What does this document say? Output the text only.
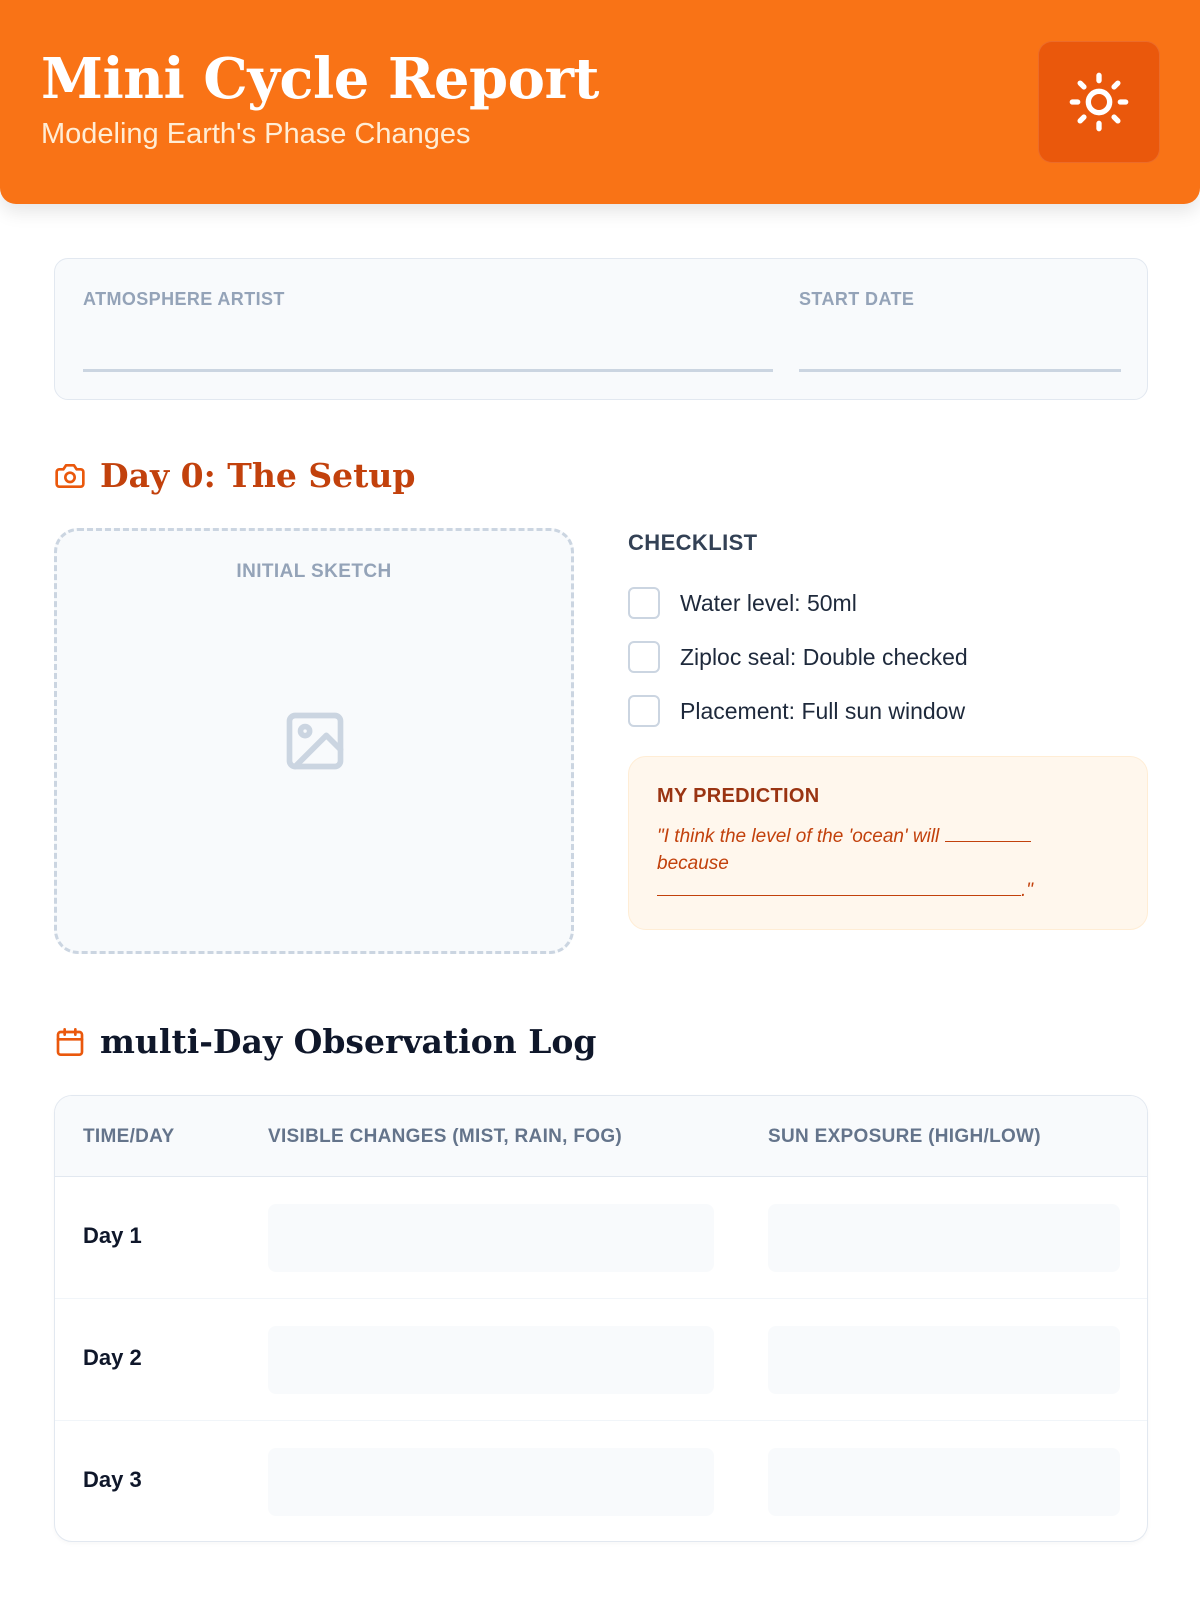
Mini Cycle Report
Modeling Earth's Phase Changes
ATMOSPHERE ARTIST	START DATE
Day 0: The Setup
INITIAL SKETCH
CHECKLIST
Water level: 50ml
Ziploc seal: Double checked
Placement: Full sun window
MY PREDICTION
"I think the level of the 'ocean' will
because
."
multi-Day Observation Log
TIME/DAY	VISIBLE CHANGES (MIST, RAIN, FOG)	SUN EXPOSURE (HIGH/LOW)
Day 1
Day 2
Day 3
